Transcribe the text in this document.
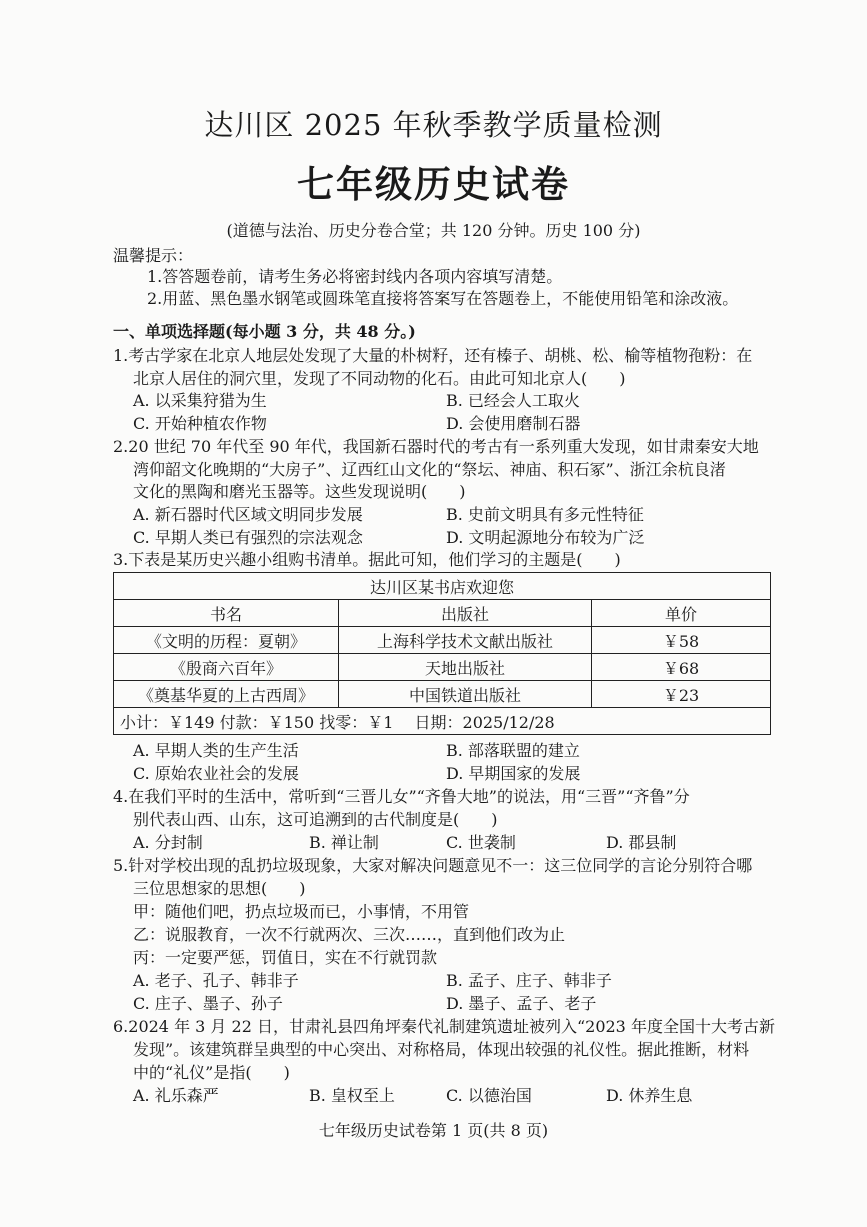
达川区 2025 年秋季教学质量检测
七年级历史试卷
(道德与法治、历史分卷合堂；共 120 分钟。历史 100 分)
温馨提示：
1.答答题卷前，请考生务必将密封线内各项内容填写清楚。
2.用蓝、黑色墨水钢笔或圆珠笔直接将答案写在答题卷上，不能使用铅笔和涂改液。
一、单项选择题(每小题 3 分，共 48 分。)
1.考古学家在北京人地层处发现了大量的朴树籽，还有榛子、胡桃、松、榆等植物孢粉：在
北京人居住的洞穴里，发现了不同动物的化石。由此可知北京人(　　)
A. 以采集狩猎为生	B. 已经会人工取火
C. 开始种植农作物	D. 会使用磨制石器
2.20 世纪 70 年代至 90 年代，我国新石器时代的考古有一系列重大发现，如甘肃秦安大地
湾仰韶文化晚期的“大房子”、辽西红山文化的“祭坛、神庙、积石冢”、浙江余杭良渚
文化的黑陶和磨光玉器等。这些发现说明(　　)
A. 新石器时代区域文明同步发展	B. 史前文明具有多元性特征
C. 早期人类已有强烈的宗法观念	D. 文明起源地分布较为广泛
3.下表是某历史兴趣小组购书清单。据此可知，他们学习的主题是(　　)
达川区某书店欢迎您		
书名	出版社	单价
《文明的历程：夏朝》	上海科学技术文献出版社	￥58
《殷商六百年》	天地出版社	￥68
《奠基华夏的上古西周》	中国铁道出版社	￥23
小计：￥149 付款：￥150 找零：￥1　 日期：2025/12/28		
A. 早期人类的生产生活	B. 部落联盟的建立
C. 原始农业社会的发展	D. 早期国家的发展
4.在我们平时的生活中，常听到“三晋儿女”“齐鲁大地”的说法，用“三晋”“齐鲁”分
别代表山西、山东，这可追溯到的古代制度是(　　)
A. 分封制	B. 禅让制	C. 世袭制	D. 郡县制
5.针对学校出现的乱扔垃圾现象，大家对解决问题意见不一：这三位同学的言论分别符合哪
三位思想家的思想(　　)
甲：随他们吧，扔点垃圾而已，小事情，不用管
乙：说服教育，一次不行就两次、三次……，直到他们改为止
丙：一定要严惩，罚值日，实在不行就罚款
A. 老子、孔子、韩非子	B. 孟子、庄子、韩非子
C. 庄子、墨子、孙子	D. 墨子、孟子、老子
6.2024 年 3 月 22 日，甘肃礼县四角坪秦代礼制建筑遗址被列入“2023 年度全国十大考古新
发现”。该建筑群呈典型的中心突出、对称格局，体现出较强的礼仪性。据此推断，材料
中的“礼仪”是指(　　)
A. 礼乐森严	B. 皇权至上	C. 以德治国	D. 休养生息
七年级历史试卷第 1 页(共 8 页)
